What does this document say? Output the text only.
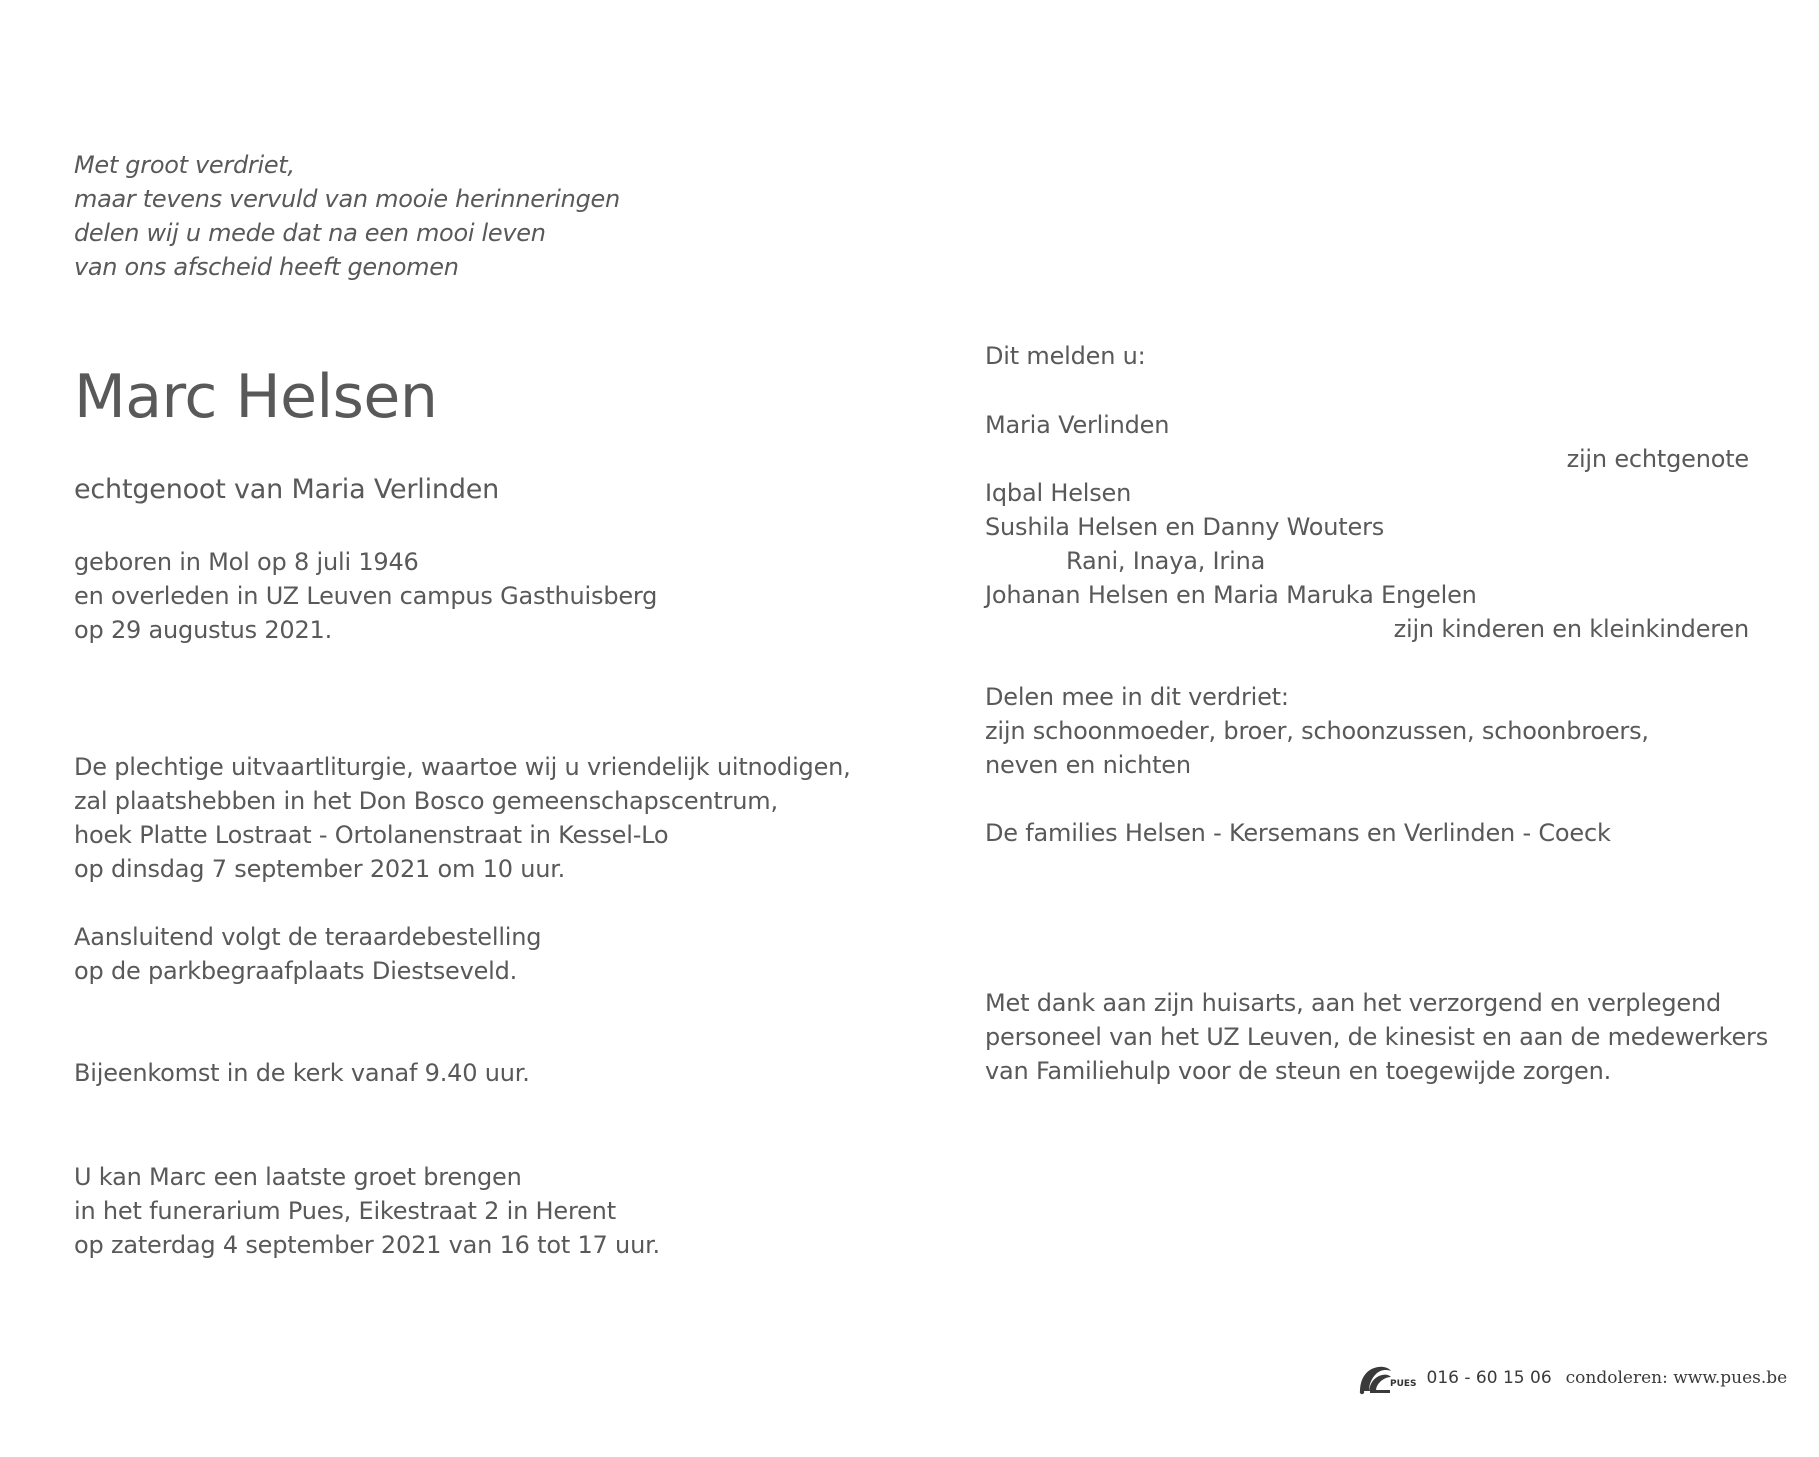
Met groot verdriet,
maar tevens vervuld van mooie herinneringen
delen wij u mede dat na een mooi leven
van ons afscheid heeft genomen
Marc Helsen
echtgenoot van Maria Verlinden
geboren in Mol op 8 juli 1946
en overleden in UZ Leuven campus Gasthuisberg
op 29 augustus 2021.
De plechtige uitvaartliturgie, waartoe wij u vriendelijk uitnodigen,
zal plaatshebben in het Don Bosco gemeenschapscentrum,
hoek Platte Lostraat - Ortolanenstraat in Kessel-Lo
op dinsdag 7 september 2021 om 10 uur.
Aansluitend volgt de teraardebestelling
op de parkbegraafplaats Diestseveld.
Bijeenkomst in de kerk vanaf 9.40 uur.
U kan Marc een laatste groet brengen
in het funerarium Pues, Eikestraat 2 in Herent
op zaterdag 4 september 2021 van 16 tot 17 uur.
Dit melden u:
Maria Verlinden
zijn echtgenote
Iqbal Helsen
Sushila Helsen en Danny Wouters
Rani, Inaya, Irina
Johanan Helsen en Maria Maruka Engelen
zijn kinderen en kleinkinderen
Delen mee in dit verdriet:
zijn schoonmoeder, broer, schoonzussen, schoonbroers,
neven en nichten
De families Helsen - Kersemans en Verlinden - Coeck
Met dank aan zijn huisarts, aan het verzorgend en verplegend
personeel van het UZ Leuven, de kinesist en aan de medewerkers
van Familiehulp voor de steun en toegewijde zorgen.
PUES 016 - 60 15 06 condoleren: www.pues.be
